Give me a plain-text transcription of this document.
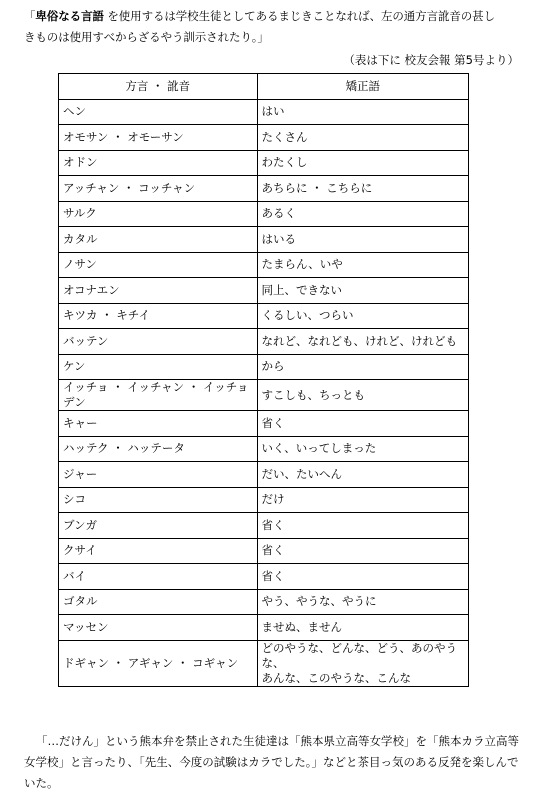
「卑俗なる言語 を使用するは学校生徒としてあるまじきことなれば、左の通方言訛音の甚し
きものは使用すべからざるやう訓示されたり。」
（表は下に 校友会報 第5号より）
方言 ・ 訛音	矯正語
ヘン	はい
オモサン ・ オモーサン	たくさん
オドン	わたくし
アッチャン ・ コッチャン	あちらに ・ こちらに
サルク	あるく
カタル	はいる
ノサン	たまらん、いや
オコナエン	同上、できない
キツカ ・ キチイ	くるしい、つらい
バッテン	なれど、なれども、けれど、けれども
ケン	から
イッチョ ・ イッチャン ・ イッチョデン	すこしも、ちっとも
キャー	省く
ハッテク ・ ハッテータ	いく、いってしまった
ジャー	だい、たいへん
シコ	だけ
ブンガ	省く
クサイ	省く
バイ	省く
ゴタル	やう、やうな、やうに
マッセン	ませぬ、ません
ドギャン ・ アギャン ・ コギャン	どのやうな、どんな、どう、あのやうな、
あんな、このやうな、こんな

「…だけん」という熊本弁を禁止された生徒達は「熊本県立高等女学校」を「熊本カラ立高等女学校」と言ったり、「先生、今度の試験はカラでした。」などと茶目っ気のある反発を楽しんでいた。
